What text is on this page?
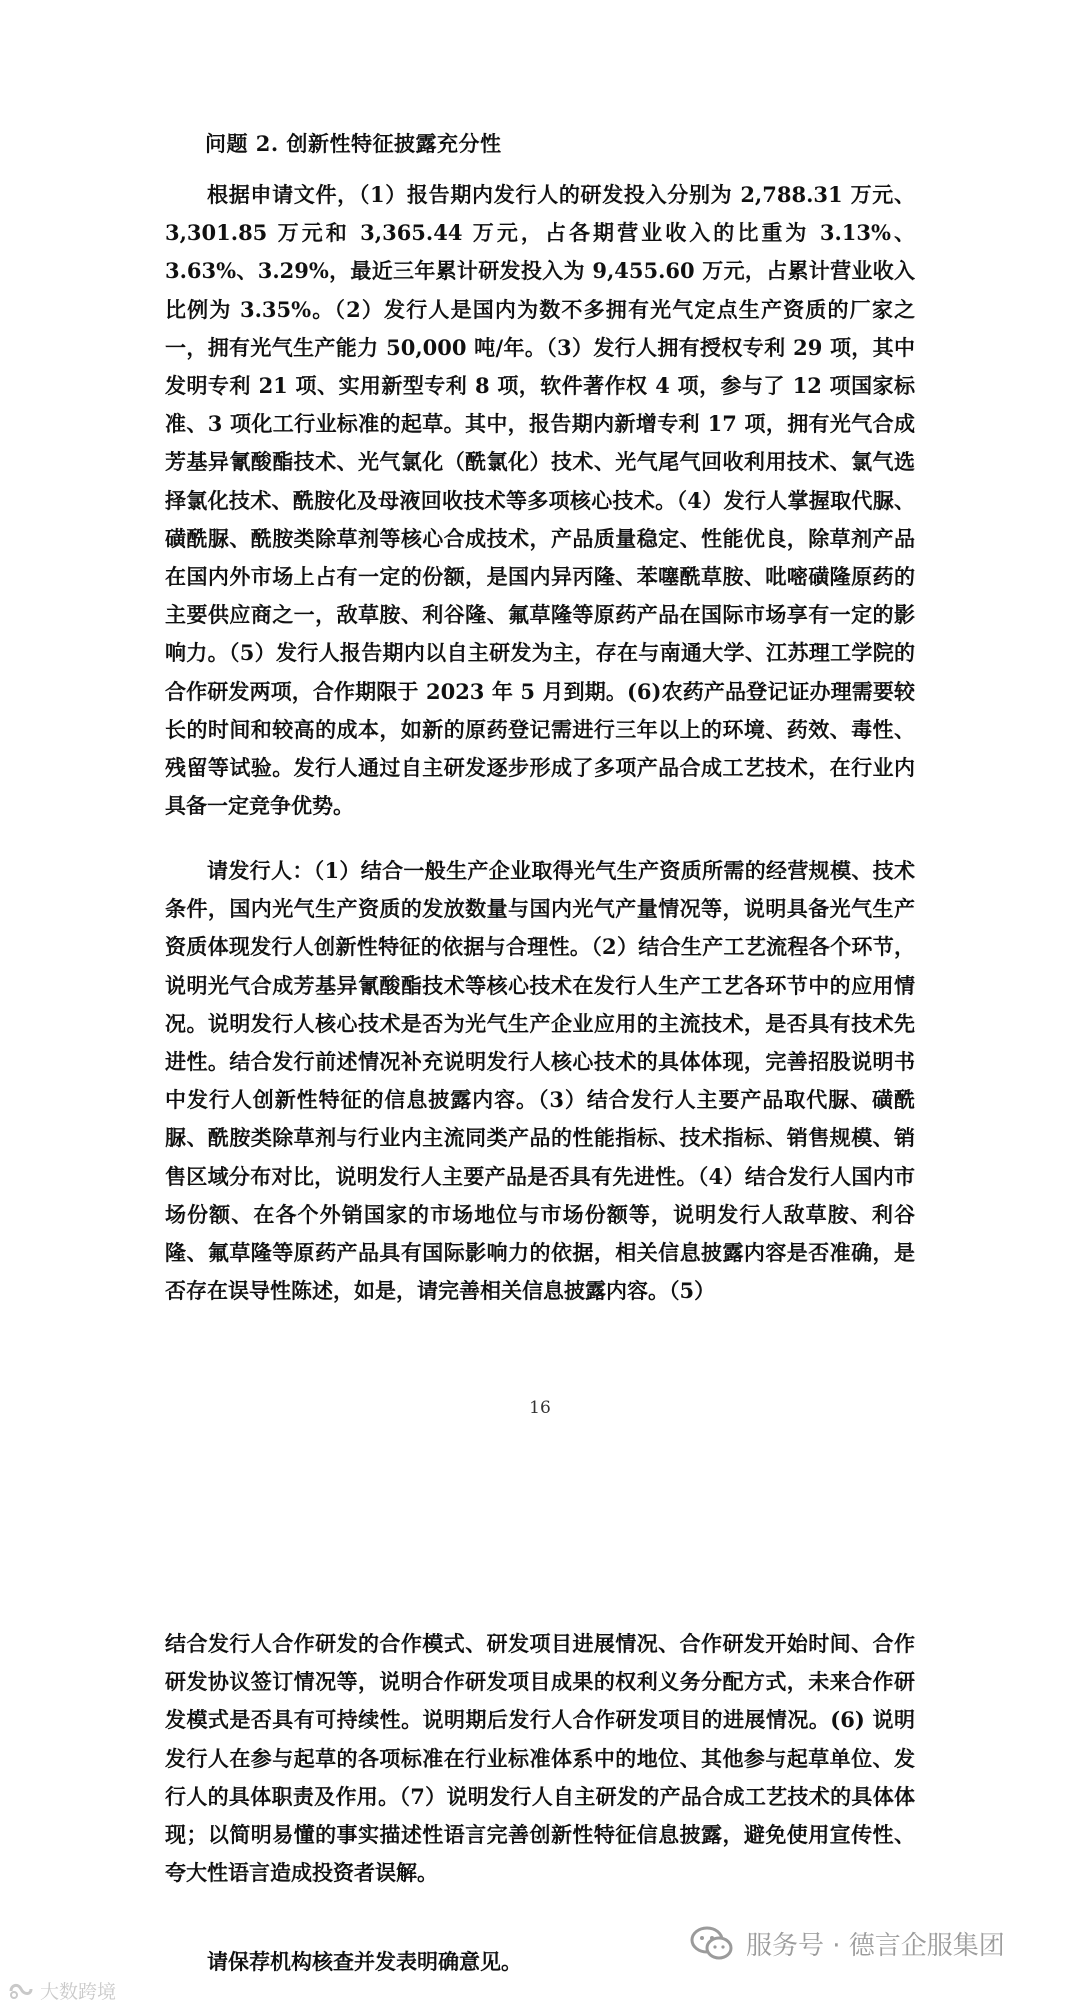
问题 2. 创新性特征披露充分性

根据申请文件，（1）报告期内发行人的研发投入分别为 2,788.31 万元、3,301.85 万元和 3,365.44 万元，占各期营业收入的比重为 3.13%、3.63%、3.29%，最近三年累计研发投入为 9,455.60 万元，占累计营业收入比例为 3.35%。（2）发行人是国内为数不多拥有光气定点生产资质的厂家之一，拥有光气生产能力 50,000 吨/年。（3）发行人拥有授权专利 29 项，其中发明专利 21 项、实用新型专利 8 项，软件著作权 4 项，参与了 12 项国家标准、3 项化工行业标准的起草。其中，报告期内新增专利 17 项，拥有光气合成芳基异氰酸酯技术、光气氯化（酰氯化）技术、光气尾气回收利用技术、氯气选择氯化技术、酰胺化及母液回收技术等多项核心技术。（4）发行人掌握取代脲、磺酰脲、酰胺类除草剂等核心合成技术，产品质量稳定、性能优良，除草剂产品在国内外市场上占有一定的份额，是国内异丙隆、苯噻酰草胺、吡嘧磺隆原药的主要供应商之一，敌草胺、利谷隆、氟草隆等原药产品在国际市场享有一定的影响力。（5）发行人报告期内以自主研发为主，存在与南通大学、江苏理工学院的合作研发两项，合作期限于 2023 年 5 月到期。(6)农药产品登记证办理需要较长的时间和较高的成本，如新的原药登记需进行三年以上的环境、药效、毒性、残留等试验。发行人通过自主研发逐步形成了多项产品合成工艺技术，在行业内具备一定竞争优势。

请发行人：（1）结合一般生产企业取得光气生产资质所需的经营规模、技术条件，国内光气生产资质的发放数量与国内光气产量情况等，说明具备光气生产资质体现发行人创新性特征的依据与合理性。（2）结合生产工艺流程各个环节，说明光气合成芳基异氰酸酯技术等核心技术在发行人生产工艺各环节中的应用情况。说明发行人核心技术是否为光气生产企业应用的主流技术，是否具有技术先进性。结合发行前述情况补充说明发行人核心技术的具体体现，完善招股说明书中发行人创新性特征的信息披露内容。（3）结合发行人主要产品取代脲、磺酰脲、酰胺类除草剂与行业内主流同类产品的性能指标、技术指标、销售规模、销售区域分布对比，说明发行人主要产品是否具有先进性。（4）结合发行人国内市场份额、在各个外销国家的市场地位与市场份额等，说明发行人敌草胺、利谷隆、氟草隆等原药产品具有国际影响力的依据，相关信息披露内容是否准确，是否存在误导性陈述，如是，请完善相关信息披露内容。（5）

16

结合发行人合作研发的合作模式、研发项目进展情况、合作研发开始时间、合作研发协议签订情况等，说明合作研发项目成果的权利义务分配方式，未来合作研发模式是否具有可持续性。说明期后发行人合作研发项目的进展情况。(6) 说明发行人在参与起草的各项标准在行业标准体系中的地位、其他参与起草单位、发行人的具体职责及作用。（7）说明发行人自主研发的产品合成工艺技术的具体体现；以简明易懂的事实描述性语言完善创新性特征信息披露，避免使用宣传性、夸大性语言造成投资者误解。

请保荐机构核查并发表明确意见。

大数跨境
服务号 · 德言企服集团
